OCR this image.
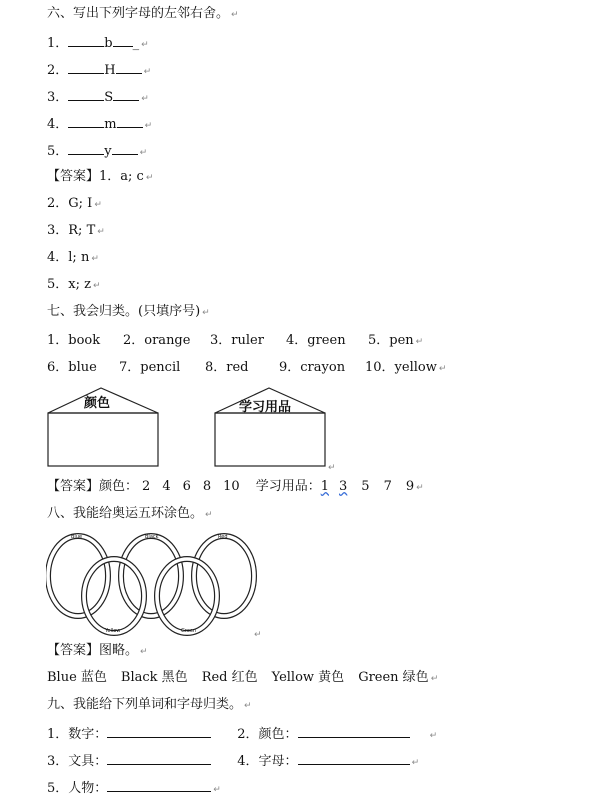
六、写出下列字母的左邻右舍。 ↵
1．	b _ ↵
2．	H	↵
3．	S	↵
4．	m	↵
5．	y	↵
【答案】1．a; c ↵
2．G; I ↵
3．R; T ↵
4．l; n ↵
5．x; z ↵
七、我会归类。(只填序号) ↵
1．book 2．orange 3．ruler 4．green 5．pen ↵
6．blue 7．pencil 8．red 9．crayon 10．yellow ↵
颜色	学习用品
↵
【答案】颜色： 2 4 6 8 10 学习用品：1 3 5 7 9 ↵
八、我能给奥运五环涂色。 ↵
Blue	Black	Red
Yellow	Green	↵
【答案】图略。 ↵
Blue 蓝色 Black 黑色 Red 红色 Yellow 黄色 Green 绿色 ↵
九、我能给下列单词和字母归类。 ↵
1．数字：	2．颜色：	↵
3．文具：	4．字母：	↵
5．人物：	↵
